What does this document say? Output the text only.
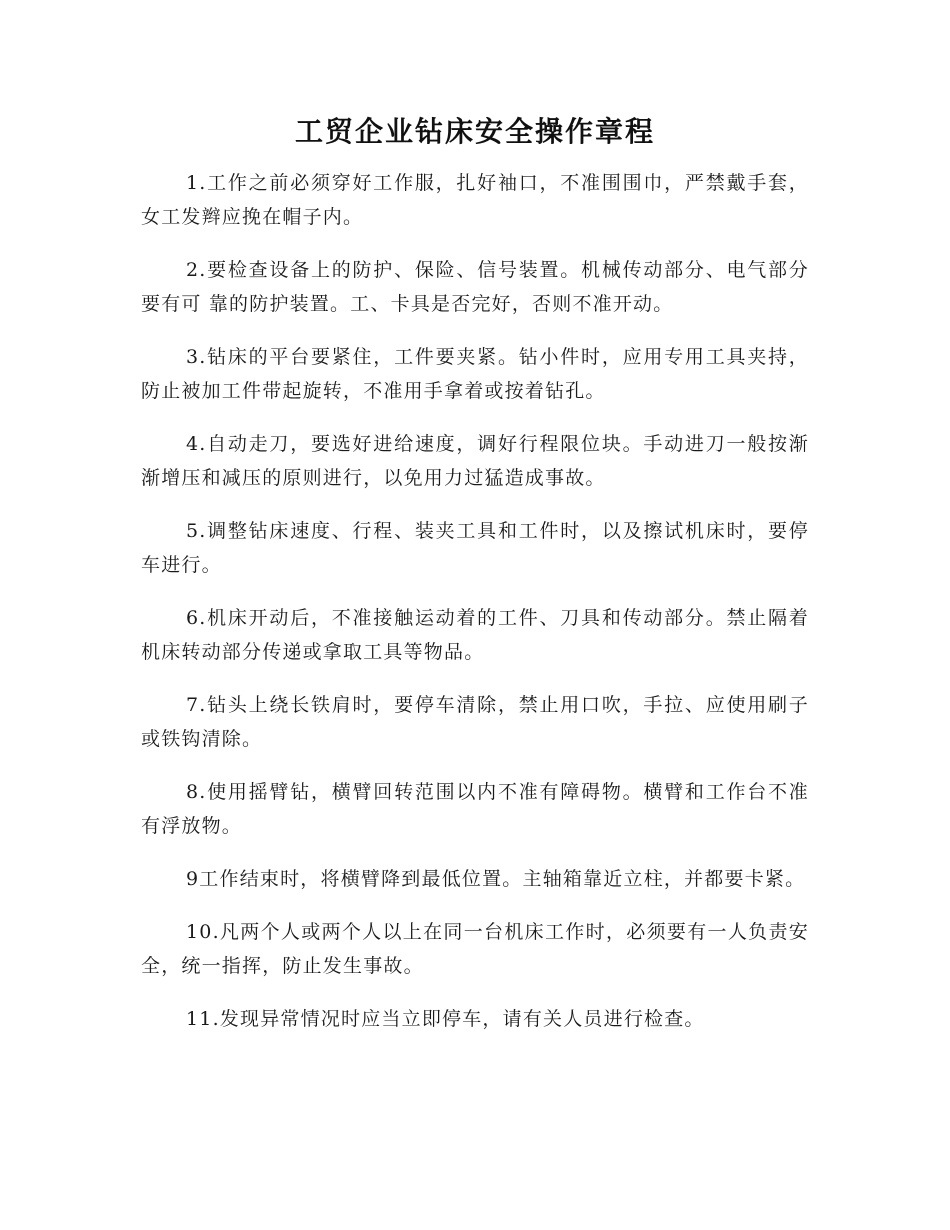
工贸企业钻床安全操作章程

1.工作之前必须穿好工作服，扎好袖口，不准围围巾，严禁戴手套，女工发辫应挽在帽子内。

2.要检查设备上的防护、保险、信号装置。机械传动部分、电气部分要有可 靠的防护装置。工、卡具是否完好，否则不准开动。

3.钻床的平台要紧住，工件要夹紧。钻小件时，应用专用工具夹持，防止被加工件带起旋转，不准用手拿着或按着钻孔。

4.自动走刀，要选好进给速度，调好行程限位块。手动进刀一般按渐渐增压和减压的原则进行，以免用力过猛造成事故。

5.调整钻床速度、行程、装夹工具和工件时，以及擦试机床时，要停车进行。

6.机床开动后，不准接触运动着的工件、刀具和传动部分。禁止隔着机床转动部分传递或拿取工具等物品。

7.钻头上绕长铁肩时，要停车清除，禁止用口吹，手拉、应使用刷子或铁钩清除。

8.使用摇臂钻，横臂回转范围以内不准有障碍物。横臂和工作台不准有浮放物。

9工作结束时，将横臂降到最低位置。主轴箱靠近立柱，并都要卡紧。

10.凡两个人或两个人以上在同一台机床工作时，必须要有一人负责安全，统一指挥，防止发生事故。

11.发现异常情况时应当立即停车，请有关人员进行检查。
